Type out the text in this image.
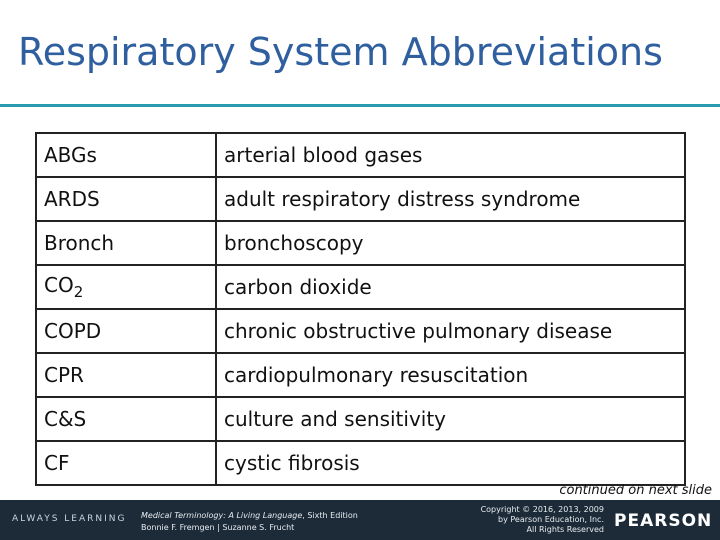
Respiratory System Abbreviations
ABGs	arterial blood gases
ARDS	adult respiratory distress syndrome
Bronch	bronchoscopy
$CO_2$	carbon dioxide
COPD	chronic obstructive pulmonary disease
CPR	cardiopulmonary resuscitation
C&S	culture and sensitivity
CF	cystic fibrosis
continued on next slide
ALWAYS LEARNING Medical Terminology: A Living Language, Sixth Edition
Bonnie F. Fremgen | Suzanne S. Frucht
Copyright © 2016, 2013, 2009
by Pearson Education, Inc.
All Rights Reserved PEARSON
